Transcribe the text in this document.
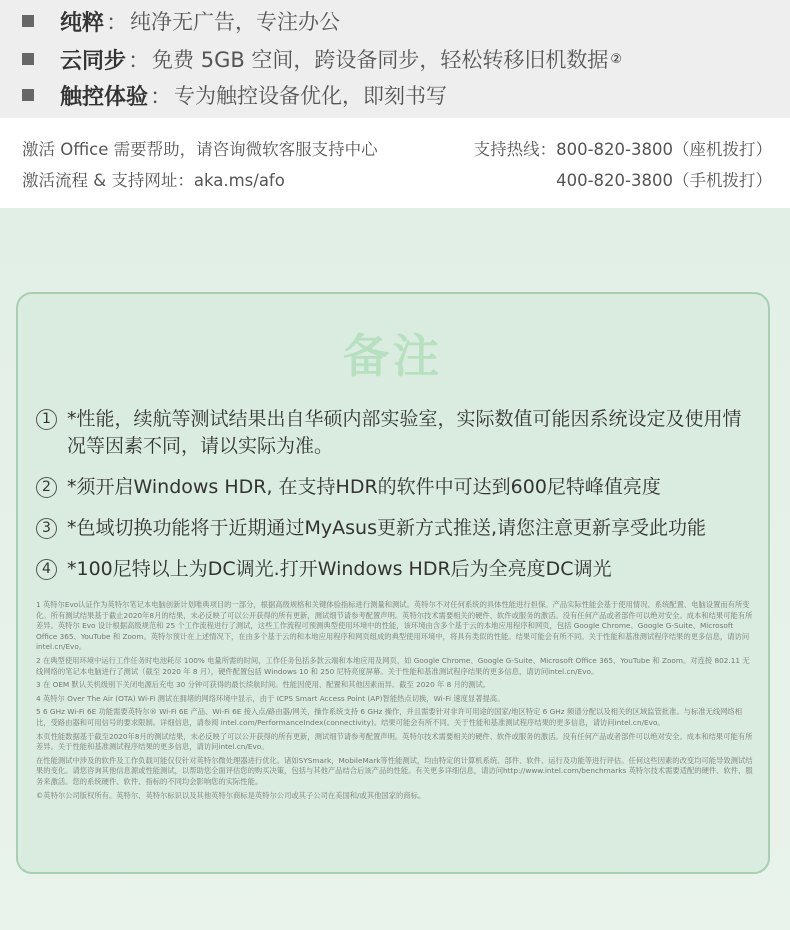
纯粹 ： 纯净无广告，专注办公
云同步 ： 免费 5GB 空间，跨设备同步，轻松转移旧机数据 ②
触控体验 ： 专为触控设备优化，即刻书写
激活 Office 需要帮助，请咨询微软客服支持中心
激活流程 & 支持网址：aka.ms/afo
支持热线：800-820-3800（座机拨打）
400-820-3800（手机拨打）
备注
1 *性能，续航等测试结果出自华硕内部实验室，实际数值可能因系统设定及使用情况等因素不同，请以实际为准。
2 *须开启Windows HDR, 在支持HDR的软件中可达到600尼特峰值亮度
3 *色域切换功能将于近期通过MyAsus更新方式推送,请您注意更新享受此功能
4 *100尼特以上为DC调光.打开Windows HDR后为全亮度DC调光

1 英特尔Evo认证作为英特尔笔记本电脑创新计划唯典项目的一部分，根据高级规格和关键体验指标进行测量和测试。英特尔不对任何系统的具体性能进行担保。产品实际性能会基于使用情况、系统配置、电脑设置而有所变化。所有测试结果基于截止2020年8月的结果，未必反映了可以公开获得的所有更新，测试细节请参考配置声明。英特尔技术需要相关的硬件、软件或服务的激活。没有任何产品或者部件可以绝对安全。成本和结果可能有所差异。英特尔 Evo 设计根据高级规范和 25 个工作流程进行了测试，这些工作流程可预测典型使用环境中的性能，该环境由含多个基于云的本地应用程序和网页，包括 Google Chrome、Google G-Suite、Microsoft Office 365、YouTube 和 Zoom。英特尔预计在上述情况下，在由多个基于云的和本地应用程序和网页组成的典型使用环境中，将具有类似的性能。结果可能会有所不同。关于性能和基准测试程序结果的更多信息，请访问intel.cn/Evo。

2 在典型使用环境中运行工作任务时电池耗尽 100% 电量所需的时间，工作任务包括多款云端和本地应用及网页，如 Google Chrome、Google G-Suite、Microsoft Office 365、YouTube 和 Zoom。对连接 802.11 无线网络的笔记本电脑进行了测试（截至 2020 年 8 月），硬件配置包括 Windows 10 和 250 尼特亮度屏幕。关于性能和基准测试程序结果的更多信息，请访问intel.cn/Evo。

3 在 OEM 默认关机级别下关闭电源后充电 30 分钟可获得的最长续航时间。性能因使用、配置和其他因素而异。截至 2020 年 8 月的测试。

4 英特尔 Over The Air (OTA) Wi-Fi 测试在拥堵的网络环境中显示，由于 ICPS Smart Access Point (AP)智能热点切换，Wi-Fi 速度显著提高。

5 6 GHz Wi-Fi 6E 功能需要英特尔® Wi-Fi 6E 产品、Wi-Fi 6E 接入点/路由器/网关，操作系统支持 6 GHz 操作，并且需要针对非许可用途的国家/地区特定 6 GHz 频谱分配以及相关的区域监管批准。与标准无线网络相比，受路由器和可用信号的要求限制。详细信息，请参阅 intel.com/PerformanceIndex(connectivity)。结果可能会有所不同。关于性能和基准测试程序结果的更多信息，请访问intel.cn/Evo。

本页性能数据基于截至2020年8月的测试结果，未必反映了可以公开获得的所有更新，测试细节请参考配置声明。英特尔技术需要相关的硬件、软件或服务的激活。没有任何产品或者部件可以绝对安全。成本和结果可能有所差异。关于性能和基准测试程序结果的更多信息，请访问intel.cn/Evo。

在性能测试中涉及的软件及工作负载可能仅仅针对英特尔微处理器进行优化。诸如SYSmark，MobileMark等性能测试，均由特定的计算机系统、部件、软件、运行及功能等进行评估。任何这些因素的改变均可能导致测试结果的变化。请您咨询其他信息源或性能测试，以帮助您全面评估您的购买决策，包括与其他产品结合后该产品的性能。有关更多详细信息，请访问http://www.intel.com/benchmarks 英特尔技术需要适配的硬件、软件、服务来激活。您的系统硬件、软件、指标的不同均会影响您的实际性能。

©英特尔公司版权所有。英特尔、英特尔标识以及其他英特尔商标是英特尔公司或其子公司在美国和/或其他国家的商标。
